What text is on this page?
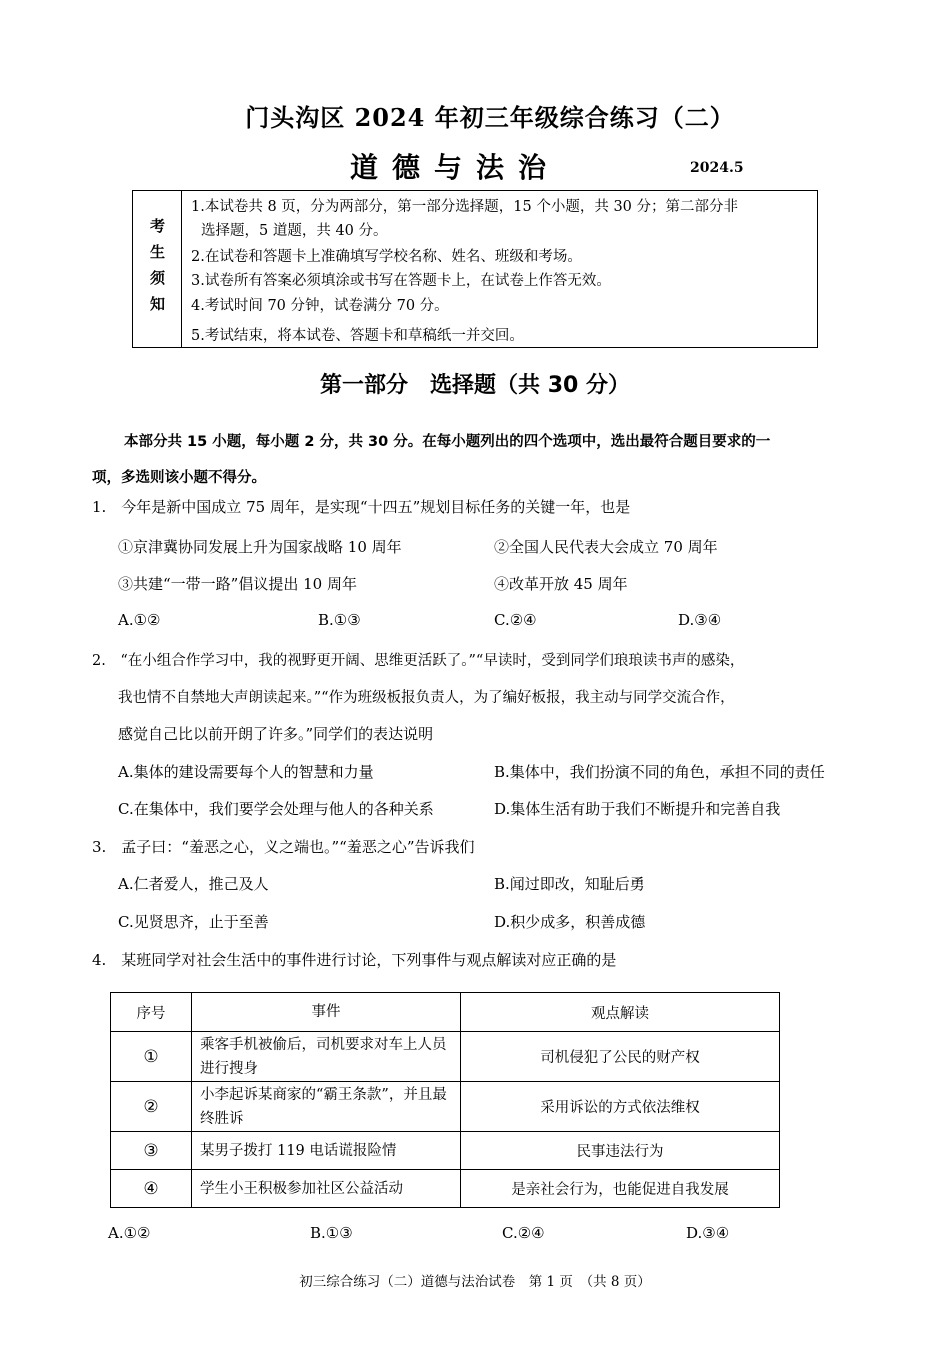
门头沟区 2024 年初三年级综合练习（二）
道德与法治	2024.5
考
生
须
知
1.本试卷共 8 页，分为两部分，第一部分选择题，15 个小题，共 30 分；第二部分非
选择题，5 道题，共 40 分。
2.在试卷和答题卡上准确填写学校名称、姓名、班级和考场。
3.试卷所有答案必须填涂或书写在答题卡上，在试卷上作答无效。
4.考试时间 70 分钟，试卷满分 70 分。
5.考试结束，将本试卷、答题卡和草稿纸一并交回。
第一部分　选择题（共 30 分）
本部分共 15 小题，每小题 2 分，共 30 分。在每小题列出的四个选项中，选出最符合题目要求的一
项，多选则该小题不得分。
1.　今年是新中国成立 75 周年，是实现“十四五”规划目标任务的关键一年，也是
①京津冀协同发展上升为国家战略 10 周年	②全国人民代表大会成立 70 周年
③共建“一带一路”倡议提出 10 周年	④改革开放 45 周年
A.①②	B.①③	C.②④	D.③④
2.　“在小组合作学习中，我的视野更开阔、思维更活跃了。”“早读时，受到同学们琅琅读书声的感染，
我也情不自禁地大声朗读起来。”“作为班级板报负责人，为了编好板报，我主动与同学交流合作，
感觉自己比以前开朗了许多。”同学们的表达说明
A.集体的建设需要每个人的智慧和力量	B.集体中，我们扮演不同的角色，承担不同的责任
C.在集体中，我们要学会处理与他人的各种关系	D.集体生活有助于我们不断提升和完善自我
3.　孟子曰：“羞恶之心，义之端也。”“羞恶之心”告诉我们
A.仁者爱人，推己及人	B.闻过即改，知耻后勇
C.见贤思齐，止于至善	D.积少成多，积善成德
4.　某班同学对社会生活中的事件进行讨论，下列事件与观点解读对应正确的是
序号	事件	观点解读
①	乘客手机被偷后，司机要求对车上人员进行搜身	司机侵犯了公民的财产权
②	小李起诉某商家的“霸王条款”，并且最终胜诉	采用诉讼的方式依法维权
③	某男子拨打 119 电话谎报险情	民事违法行为
④	学生小王积极参加社区公益活动	是亲社会行为，也能促进自我发展
A.①②	B.①③	C.②④	D.③④
初三综合练习（二）道德与法治试卷　第 1 页　（共 8 页）
